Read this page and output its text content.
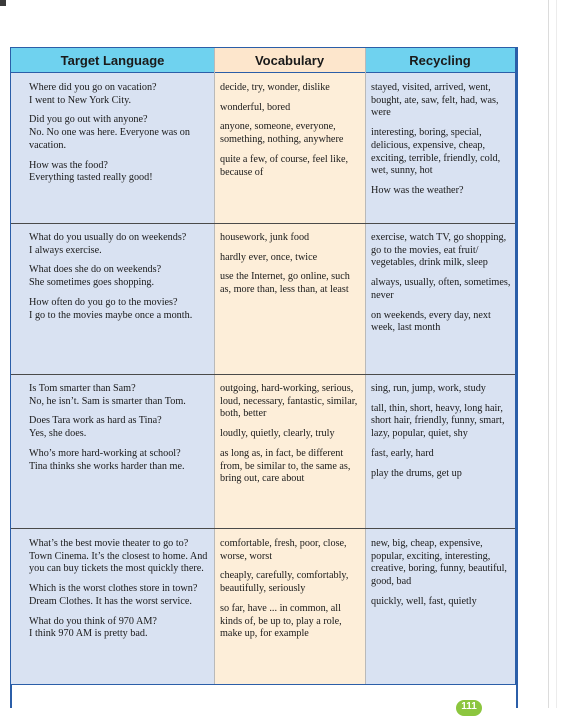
Target Language	Vocabulary	Recycling

Where did you go on vacation?
I went to New York City.

Did you go out with anyone?
No. No one was here. Everyone was on vacation.

How was the food?
Everything tasted really good!

decide, try, wonder, dislike

wonderful, bored

anyone, someone, everyone, something, nothing, anywhere

quite a few, of course, feel like, because of

stayed, visited, arrived, went, bought, ate, saw, felt, had, was, were

interesting, boring, special, delicious, expensive, cheap, exciting, terrible, friendly, cold, wet, sunny, hot

How was the weather?

What do you usually do on weekends?
I always exercise.

What does she do on weekends?
She sometimes goes shopping.

How often do you go to the movies?
I go to the movies maybe once a month.

housework, junk food

hardly ever, once, twice

use the Internet, go online, such as, more than, less than, at least

exercise, watch TV, go shopping, go to the movies, eat fruit/ vegetables, drink milk, sleep

always, usually, often, sometimes, never

on weekends, every day, next week, last month

Is Tom smarter than Sam?
No, he isn’t. Sam is smarter than Tom.

Does Tara work as hard as Tina?
Yes, she does.

Who’s more hard-working at school?
Tina thinks she works harder than me.

outgoing, hard-working, serious, loud, necessary, fantastic, similar, both, better

loudly, quietly, clearly, truly

as long as, in fact, be different from, be similar to, the same as, bring out, care about

sing, run, jump, work, study

tall, thin, short, heavy, long hair, short hair, friendly, funny, smart, lazy, popular, quiet, shy

fast, early, hard

play the drums, get up

What’s the best movie theater to go to?
Town Cinema. It’s the closest to home. And you can buy tickets the most quickly there.

Which is the worst clothes store in town?
Dream Clothes. It has the worst service.

What do you think of 970 AM?
I think 970 AM is pretty bad.

comfortable, fresh, poor, close, worse, worst

cheaply, carefully, comfortably, beautifully, seriously

so far, have ... in common, all kinds of, be up to, play a role, make up, for example

new, big, cheap, expensive, popular, exciting, interesting, creative, boring, funny, beautiful, good, bad

quickly, well, fast, quietly

111
